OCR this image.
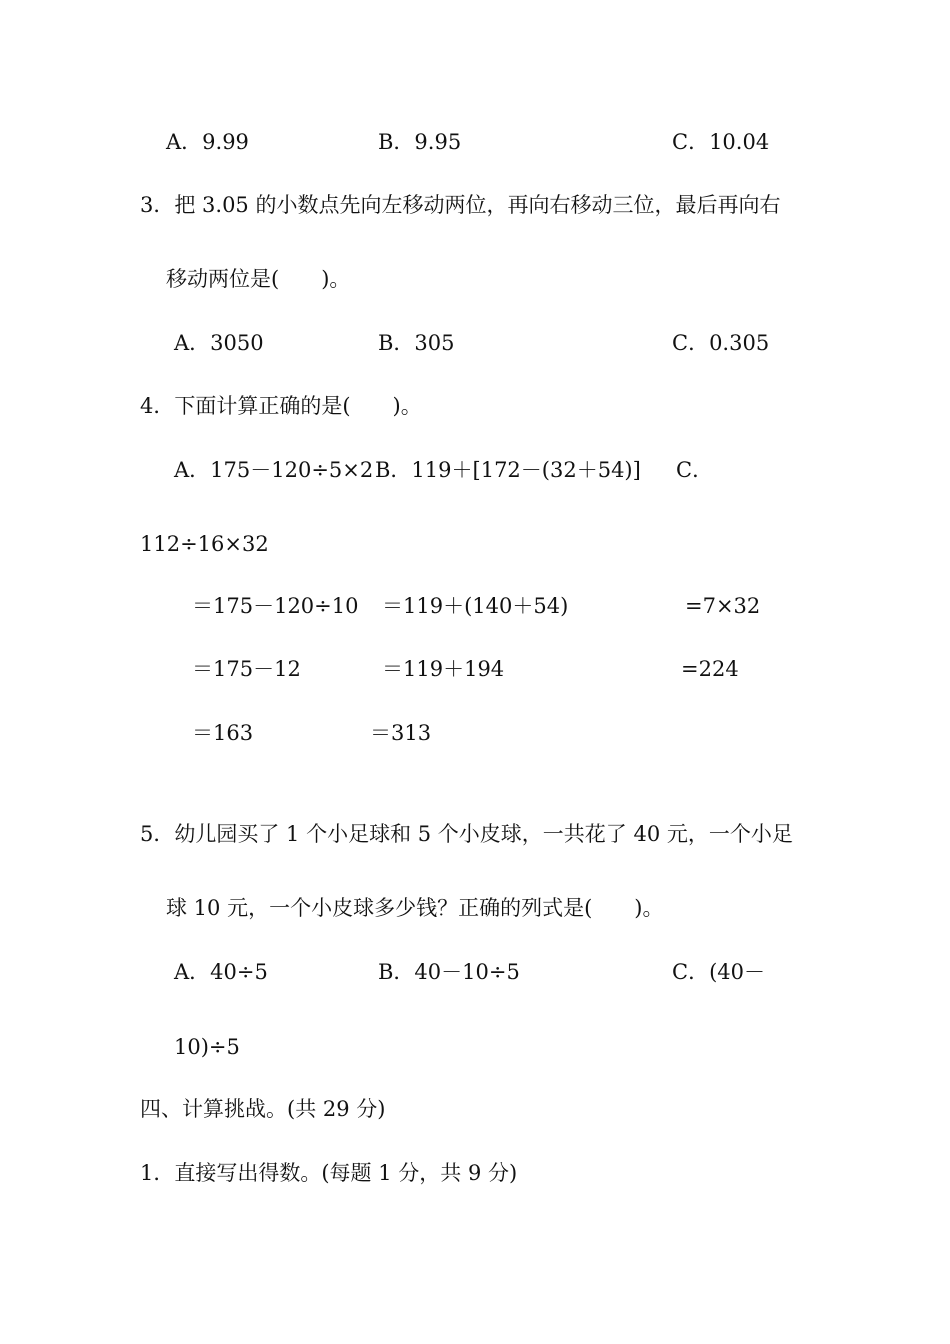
A．9.99	B．9.95	C．10.04
3．把 3.05 的小数点先向左移动两位，再向右移动三位，最后再向右
移动两位是(　　)。
A．3050	B．305	C．0.305
4．下面计算正确的是(　　)。
A．175－120÷5×2 B．119＋[172－(32＋54)] C．
112÷16×32
＝175－120÷10 ＝119＋(140＋54)	=7×32
＝175－12	＝119＋194	=224
＝163	＝313
5．幼儿园买了 1 个小足球和 5 个小皮球，一共花了 40 元，一个小足
球 10 元，一个小皮球多少钱？正确的列式是(　　)。
A．40÷5	B．40－10÷5	C．(40－
10)÷5
四、计算挑战。(共 29 分)
1．直接写出得数。(每题 1 分，共 9 分)
